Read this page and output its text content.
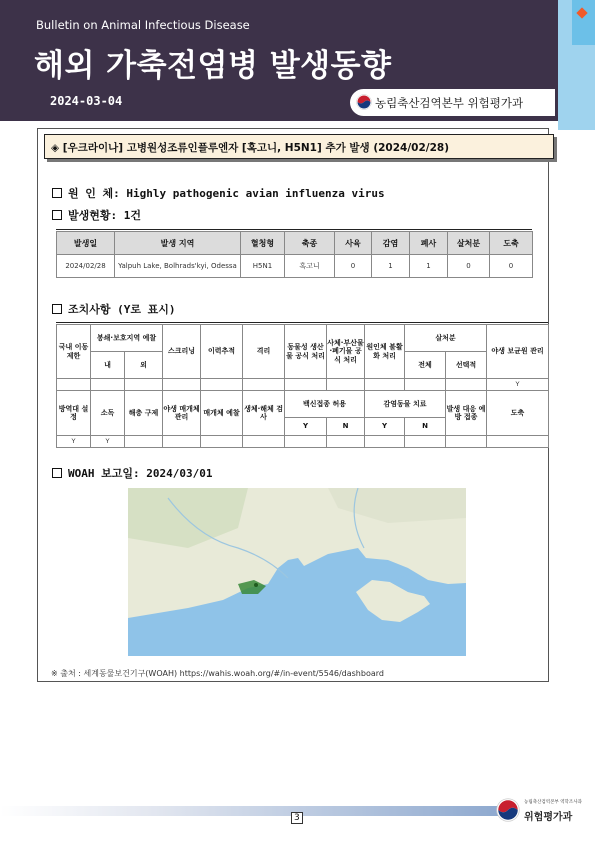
Bulletin on Animal Infectious Disease
해외 가축전염병 발생동향
2024-03-04	농림축산검역본부 위험평가과
◈ [우크라이나] 고병원성조류인플루엔자 [혹고니, H5N1] 추가 발생 (2024/02/28)
원 인 체: Highly pathogenic avian influenza virus
발생현황: 1건
발생일	발생 지역	혈청형	축종	사육	감염	폐사	살처분	도축
2024/02/28	Yalpuh Lake, Bolhrads'kyi, Odessa	H5N1	혹고니	0	1	1	0	0
조치사항 (Y로 표시)
국내 이동 제한	봉쇄·보호지역 예찰		스크리닝	이력추적	격리	동물성 생산물 공식 처리	사체·부산물·폐기물 공식 처리	원인체 불활화 처리	살처분		야생 보균원 관리
	내	외							전체	선택적	
											Y
방역대 설정	소독	해충 구제	야생 매개체 관리	매개체 예찰	생체·해체 검사	백신접종 허용		감염동물 치료		발생 대응 예방 접종	도축
						Y	N	Y	N		
Y	Y										
WOAH 보고일: 2024/03/01
※ 출처 : 세계동물보건기구(WOAH) https://wahis.woah.org/#/in-event/5546/dashboard
3
농림축산검역본부 역학조사과
위험평가과
